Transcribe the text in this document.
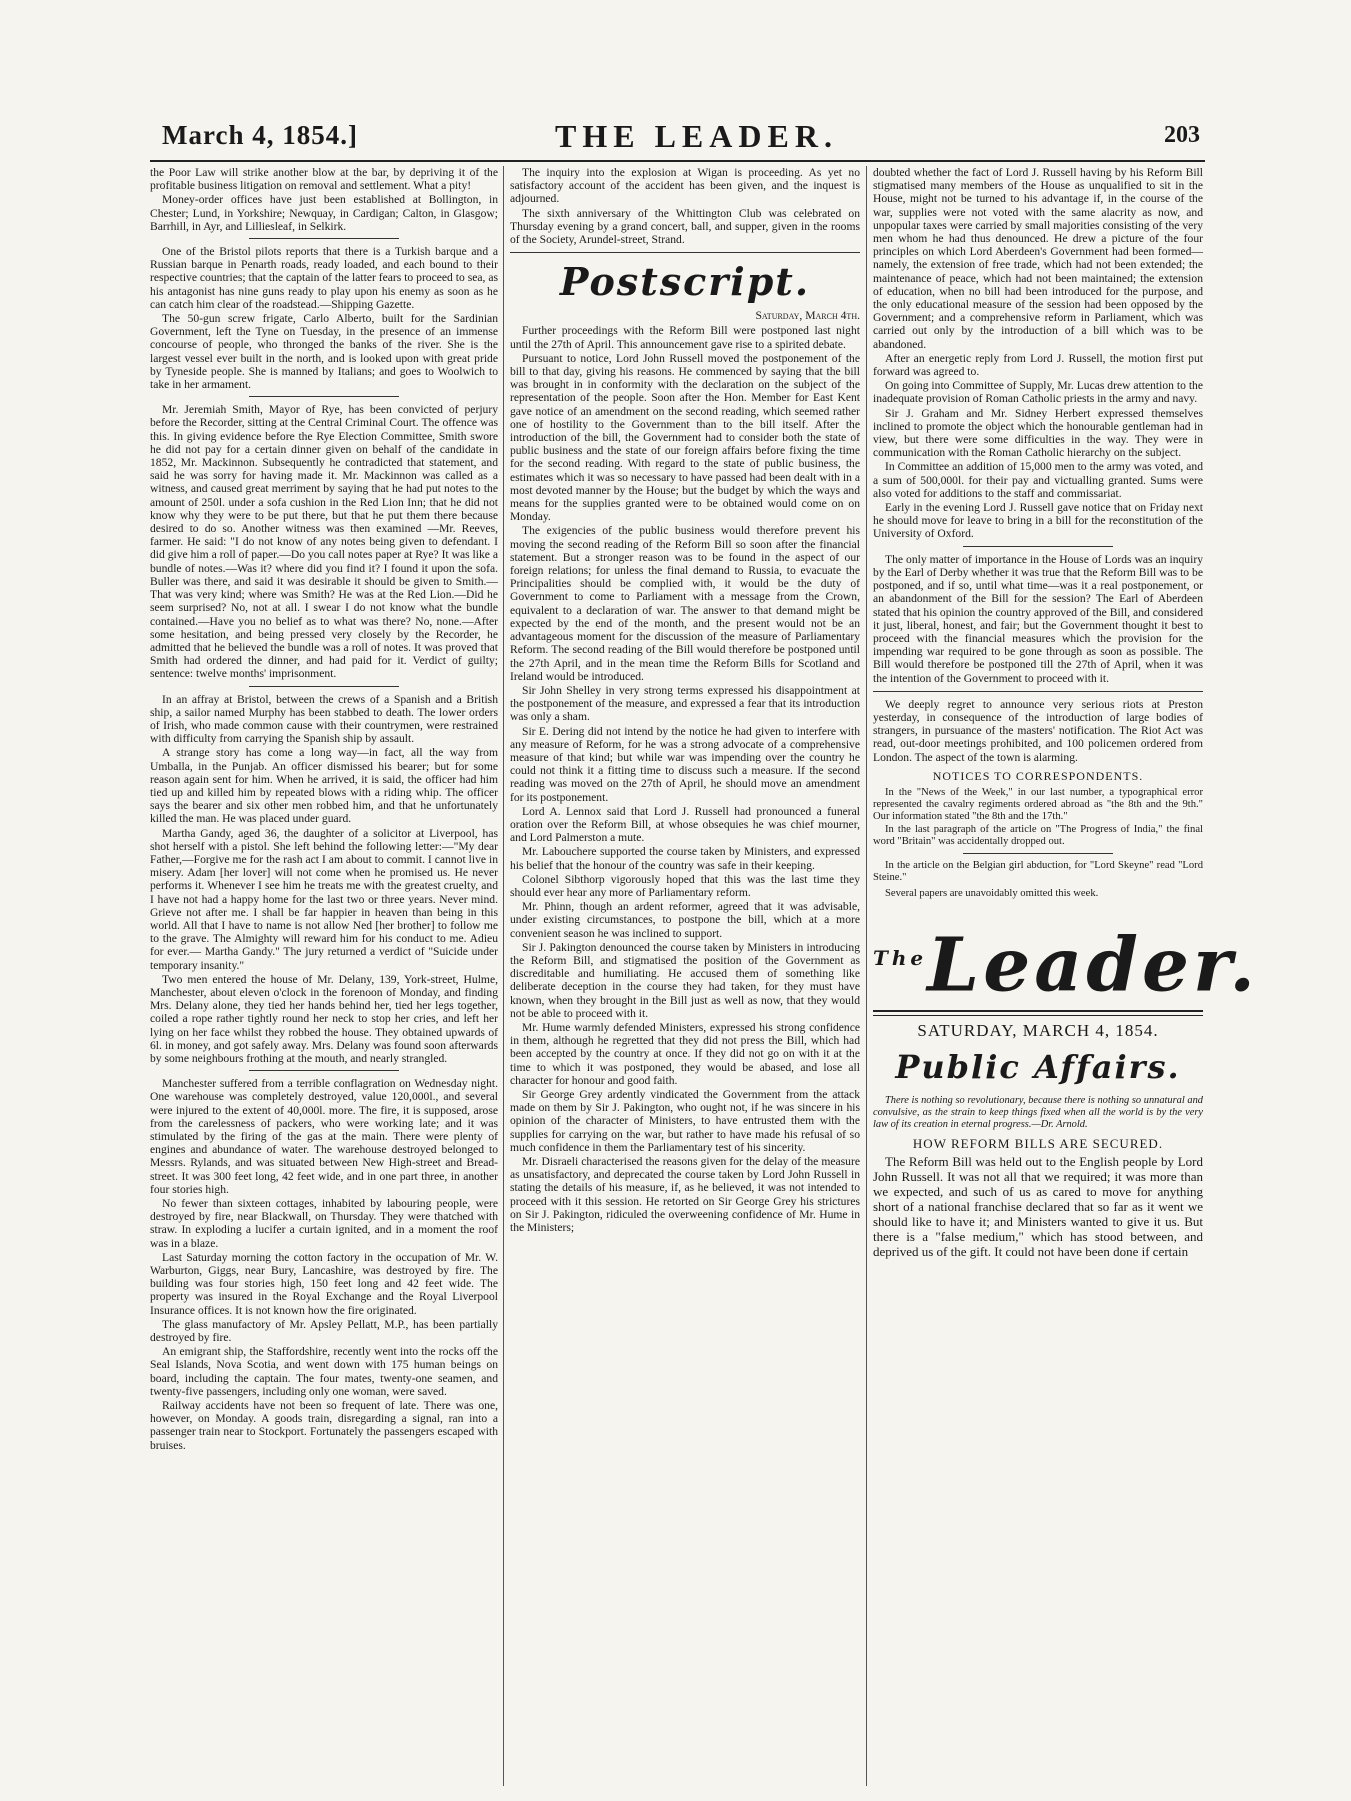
March 4, 1854.]	THE LEADER.	203

the Poor Law will strike another blow at the bar, by depriving it of the profitable business litigation on removal and settlement. What a pity!

Money-order offices have just been established at Bollington, in Chester; Lund, in Yorkshire; Newquay, in Cardigan; Calton, in Glasgow; Barrhill, in Ayr, and Lilliesleaf, in Selkirk.

One of the Bristol pilots reports that there is a Turkish barque and a Russian barque in Penarth roads, ready loaded, and each bound to their respective countries; that the captain of the latter fears to proceed to sea, as his antagonist has nine guns ready to play upon his enemy as soon as he can catch him clear of the roadstead.—Shipping Gazette.

The 50-gun screw frigate, Carlo Alberto, built for the Sardinian Government, left the Tyne on Tuesday, in the presence of an immense concourse of people, who thronged the banks of the river. She is the largest vessel ever built in the north, and is looked upon with great pride by Tyneside people. She is manned by Italians; and goes to Woolwich to take in her armament.

Mr. Jeremiah Smith, Mayor of Rye, has been convicted of perjury before the Recorder, sitting at the Central Criminal Court. The offence was this. In giving evidence before the Rye Election Committee, Smith swore he did not pay for a certain dinner given on behalf of the candidate in 1852, Mr. Mackinnon. Subsequently he contradicted that statement, and said he was sorry for having made it. Mr. Mackinnon was called as a witness, and caused great merriment by saying that he had put notes to the amount of 250l. under a sofa cushion in the Red Lion Inn; that he did not know why they were to be put there, but that he put them there because desired to do so. Another witness was then examined —Mr. Reeves, farmer. He said: "I do not know of any notes being given to defendant. I did give him a roll of paper.—Do you call notes paper at Rye? It was like a bundle of notes.—Was it? where did you find it? I found it upon the sofa. Buller was there, and said it was desirable it should be given to Smith.—That was very kind; where was Smith? He was at the Red Lion.—Did he seem surprised? No, not at all. I swear I do not know what the bundle contained.—Have you no belief as to what was there? No, none.—After some hesitation, and being pressed very closely by the Recorder, he admitted that he believed the bundle was a roll of notes. It was proved that Smith had ordered the dinner, and had paid for it. Verdict of guilty; sentence: twelve months' imprisonment.

In an affray at Bristol, between the crews of a Spanish and a British ship, a sailor named Murphy has been stabbed to death. The lower orders of Irish, who made common cause with their countrymen, were restrained with difficulty from carrying the Spanish ship by assault.

A strange story has come a long way—in fact, all the way from Umballa, in the Punjab. An officer dismissed his bearer; but for some reason again sent for him. When he arrived, it is said, the officer had him tied up and killed him by repeated blows with a riding whip. The officer says the bearer and six other men robbed him, and that he unfortunately killed the man. He was placed under guard.

Martha Gandy, aged 36, the daughter of a solicitor at Liverpool, has shot herself with a pistol. She left behind the following letter:—"My dear Father,—Forgive me for the rash act I am about to commit. I cannot live in misery. Adam [her lover] will not come when he promised us. He never performs it. Whenever I see him he treats me with the greatest cruelty, and I have not had a happy home for the last two or three years. Never mind. Grieve not after me. I shall be far happier in heaven than being in this world. All that I have to name is not allow Ned [her brother] to follow me to the grave. The Almighty will reward him for his conduct to me. Adieu for ever.— Martha Gandy." The jury returned a verdict of "Suicide under temporary insanity."

Two men entered the house of Mr. Delany, 139, York-street, Hulme, Manchester, about eleven o'clock in the forenoon of Monday, and finding Mrs. Delany alone, they tied her hands behind her, tied her legs together, coiled a rope rather tightly round her neck to stop her cries, and left her lying on her face whilst they robbed the house. They obtained upwards of 6l. in money, and got safely away. Mrs. Delany was found soon afterwards by some neighbours frothing at the mouth, and nearly strangled.

Manchester suffered from a terrible conflagration on Wednesday night. One warehouse was completely destroyed, value 120,000l., and several were injured to the extent of 40,000l. more. The fire, it is supposed, arose from the carelessness of packers, who were working late; and it was stimulated by the firing of the gas at the main. There were plenty of engines and abundance of water. The warehouse destroyed belonged to Messrs. Rylands, and was situated between New High-street and Bread-street. It was 300 feet long, 42 feet wide, and in one part three, in another four stories high.

No fewer than sixteen cottages, inhabited by labouring people, were destroyed by fire, near Blackwall, on Thursday. They were thatched with straw. In exploding a lucifer a curtain ignited, and in a moment the roof was in a blaze.

Last Saturday morning the cotton factory in the occupation of Mr. W. Warburton, Giggs, near Bury, Lancashire, was destroyed by fire. The building was four stories high, 150 feet long and 42 feet wide. The property was insured in the Royal Exchange and the Royal Liverpool Insurance offices. It is not known how the fire originated.

The glass manufactory of Mr. Apsley Pellatt, M.P., has been partially destroyed by fire.

An emigrant ship, the Staffordshire, recently went into the rocks off the Seal Islands, Nova Scotia, and went down with 175 human beings on board, including the captain. The four mates, twenty-one seamen, and twenty-five passengers, including only one woman, were saved.

Railway accidents have not been so frequent of late. There was one, however, on Monday. A goods train, disregarding a signal, ran into a passenger train near to Stockport. Fortunately the passengers escaped with bruises.

The inquiry into the explosion at Wigan is proceeding. As yet no satisfactory account of the accident has been given, and the inquest is adjourned.

The sixth anniversary of the Whittington Club was celebrated on Thursday evening by a grand concert, ball, and supper, given in the rooms of the Society, Arundel-street, Strand.

Postscript.
Saturday, March 4th.

Further proceedings with the Reform Bill were postponed last night until the 27th of April. This announcement gave rise to a spirited debate.

Pursuant to notice, Lord John Russell moved the postponement of the bill to that day, giving his reasons. He commenced by saying that the bill was brought in in conformity with the declaration on the subject of the representation of the people. Soon after the Hon. Member for East Kent gave notice of an amendment on the second reading, which seemed rather one of hostility to the Government than to the bill itself. After the introduction of the bill, the Government had to consider both the state of public business and the state of our foreign affairs before fixing the time for the second reading. With regard to the state of public business, the estimates which it was so necessary to have passed had been dealt with in a most devoted manner by the House; but the budget by which the ways and means for the supplies granted were to be obtained would come on on Monday.

The exigencies of the public business would therefore prevent his moving the second reading of the Reform Bill so soon after the financial statement. But a stronger reason was to be found in the aspect of our foreign relations; for unless the final demand to Russia, to evacuate the Principalities should be complied with, it would be the duty of Government to come to Parliament with a message from the Crown, equivalent to a declaration of war. The answer to that demand might be expected by the end of the month, and the present would not be an advantageous moment for the discussion of the measure of Parliamentary Reform. The second reading of the Bill would therefore be postponed until the 27th April, and in the mean time the Reform Bills for Scotland and Ireland would be introduced.

Sir John Shelley in very strong terms expressed his disappointment at the postponement of the measure, and expressed a fear that its introduction was only a sham.

Sir E. Dering did not intend by the notice he had given to interfere with any measure of Reform, for he was a strong advocate of a comprehensive measure of that kind; but while war was impending over the country he could not think it a fitting time to discuss such a measure. If the second reading was moved on the 27th of April, he should move an amendment for its postponement.

Lord A. Lennox said that Lord J. Russell had pronounced a funeral oration over the Reform Bill, at whose obsequies he was chief mourner, and Lord Palmerston a mute.

Mr. Labouchere supported the course taken by Ministers, and expressed his belief that the honour of the country was safe in their keeping.

Colonel Sibthorp vigorously hoped that this was the last time they should ever hear any more of Parliamentary reform.

Mr. Phinn, though an ardent reformer, agreed that it was advisable, under existing circumstances, to postpone the bill, which at a more convenient season he was inclined to support.

Sir J. Pakington denounced the course taken by Ministers in introducing the Reform Bill, and stigmatised the position of the Government as discreditable and humiliating. He accused them of something like deliberate deception in the course they had taken, for they must have known, when they brought in the Bill just as well as now, that they would not be able to proceed with it.

Mr. Hume warmly defended Ministers, expressed his strong confidence in them, although he regretted that they did not press the Bill, which had been accepted by the country at once. If they did not go on with it at the time to which it was postponed, they would be abased, and lose all character for honour and good faith.

Sir George Grey ardently vindicated the Government from the attack made on them by Sir J. Pakington, who ought not, if he was sincere in his opinion of the character of Ministers, to have entrusted them with the supplies for carrying on the war, but rather to have made his refusal of so much confidence in them the Parliamentary test of his sincerity.

Mr. Disraeli characterised the reasons given for the delay of the measure as unsatisfactory, and deprecated the course taken by Lord John Russell in stating the details of his measure, if, as he believed, it was not intended to proceed with it this session. He retorted on Sir George Grey his strictures on Sir J. Pakington, ridiculed the overweening confidence of Mr. Hume in the Ministers;

doubted whether the fact of Lord J. Russell having by his Reform Bill stigmatised many members of the House as unqualified to sit in the House, might not be turned to his advantage if, in the course of the war, supplies were not voted with the same alacrity as now, and unpopular taxes were carried by small majorities consisting of the very men whom he had thus denounced. He drew a picture of the four principles on which Lord Aberdeen's Government had been formed—namely, the extension of free trade, which had not been extended; the maintenance of peace, which had not been maintained; the extension of education, when no bill had been introduced for the purpose, and the only educational measure of the session had been opposed by the Government; and a comprehensive reform in Parliament, which was carried out only by the introduction of a bill which was to be abandoned.

After an energetic reply from Lord J. Russell, the motion first put forward was agreed to.

On going into Committee of Supply, Mr. Lucas drew attention to the inadequate provision of Roman Catholic priests in the army and navy.

Sir J. Graham and Mr. Sidney Herbert expressed themselves inclined to promote the object which the honourable gentleman had in view, but there were some difficulties in the way. They were in communication with the Roman Catholic hierarchy on the subject.

In Committee an addition of 15,000 men to the army was voted, and a sum of 500,000l. for their pay and victualling granted. Sums were also voted for additions to the staff and commissariat.

Early in the evening Lord J. Russell gave notice that on Friday next he should move for leave to bring in a bill for the reconstitution of the University of Oxford.

The only matter of importance in the House of Lords was an inquiry by the Earl of Derby whether it was true that the Reform Bill was to be postponed, and if so, until what time—was it a real postponement, or an abandonment of the Bill for the session? The Earl of Aberdeen stated that his opinion the country approved of the Bill, and considered it just, liberal, honest, and fair; but the Government thought it best to proceed with the financial measures which the provision for the impending war required to be gone through as soon as possible. The Bill would therefore be postponed till the 27th of April, when it was the intention of the Government to proceed with it.

We deeply regret to announce very serious riots at Preston yesterday, in consequence of the introduction of large bodies of strangers, in pursuance of the masters' notification. The Riot Act was read, out-door meetings prohibited, and 100 policemen ordered from London. The aspect of the town is alarming.

NOTICES TO CORRESPONDENTS.

In the "News of the Week," in our last number, a typographical error represented the cavalry regiments ordered abroad as "the 8th and the 9th." Our information stated "the 8th and the 17th."

In the last paragraph of the article on "The Progress of India," the final word "Britain" was accidentally dropped out.

In the article on the Belgian girl abduction, for "Lord Skeyne" read "Lord Steine."

Several papers are unavoidably omitted this week.

$^{The}$Leader.
SATURDAY, MARCH 4, 1854.
Public Affairs.

There is nothing so revolutionary, because there is nothing so unnatural and convulsive, as the strain to keep things fixed when all the world is by the very law of its creation in eternal progress.—Dr. Arnold.

HOW REFORM BILLS ARE SECURED.

The Reform Bill was held out to the English people by Lord John Russell. It was not all that we required; it was more than we expected, and such of us as cared to move for anything short of a national franchise declared that so far as it went we should like to have it; and Ministers wanted to give it us. But there is a "false medium," which has stood between, and deprived us of the gift. It could not have been done if certain
